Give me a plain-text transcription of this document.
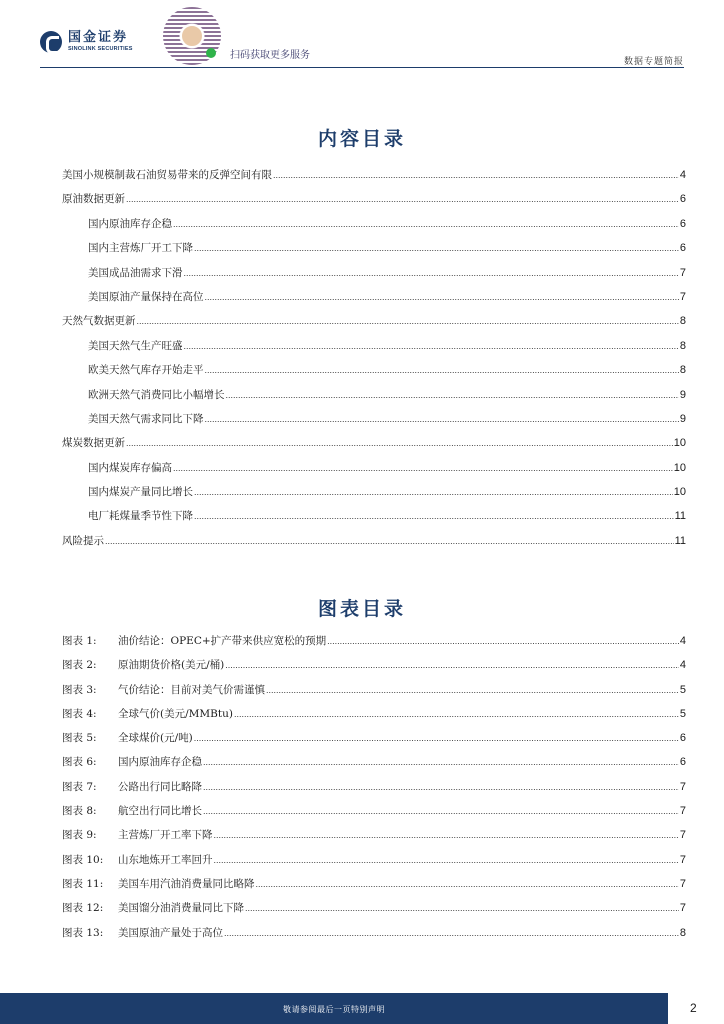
国金证券
SINOLINK SECURITIES
扫码获取更多服务
数据专题简报
内容目录
美国小规模制裁石油贸易带来的反弹空间有限 .....	4
原油数据更新 .....	6
国内原油库存企稳 .....	6
国内主营炼厂开工下降 .....	6
美国成品油需求下滑 .....	7
美国原油产量保持在高位 .....	7
天然气数据更新 .....	8
美国天然气生产旺盛 .....	8
欧美天然气库存开始走平 .....	8
欧洲天然气消费同比小幅增长 .....	9
美国天然气需求同比下降 .....	9
煤炭数据更新 .....	10
国内煤炭库存偏高 .....	10
国内煤炭产量同比增长 .....	10
电厂耗煤量季节性下降 .....	11
风险提示 .....	11
图表目录
图表 1:	油价结论：OPEC+扩产带来供应宽松的预期 .....	4
图表 2:	原油期货价格(美元/桶) .....	4
图表 3:	气价结论：目前对美气价需谨慎 .....	5
图表 4:	全球气价(美元/MMBtu) .....	5
图表 5:	全球煤价(元/吨) .....	6
图表 6:	国内原油库存企稳 .....	6
图表 7:	公路出行同比略降 .....	7
图表 8:	航空出行同比增长 .....	7
图表 9:	主营炼厂开工率下降 .....	7
图表 10:	山东地炼开工率回升 .....	7
图表 11:	美国车用汽油消费量同比略降 .....	7
图表 12:	美国馏分油消费量同比下降 .....	7
图表 13:	美国原油产量处于高位 .....	8
敬请参阅最后一页特别声明	2
